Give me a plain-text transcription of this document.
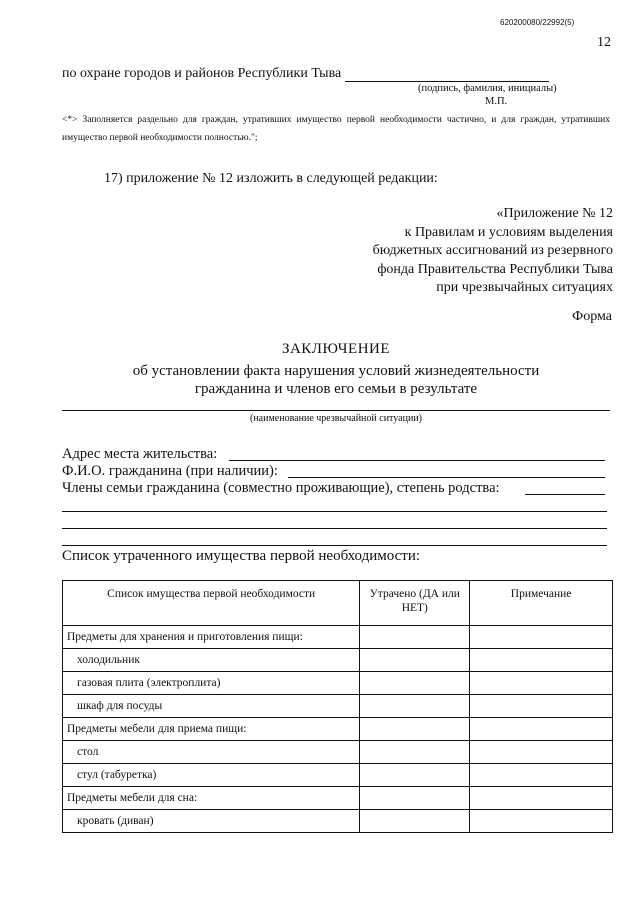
620200080/22992(5)
12
по охране городов и районов Республики Тыва
(подпись, фамилия, инициалы)
М.П.
<*> Заполняется раздельно для граждан, утративших имущество первой необходимости частично, и для граждан, утративших имущество первой необходимости полностью.";
17) приложение № 12 изложить в следующей редакции:
«Приложение № 12
к Правилам и условиям выделения
бюджетных ассигнований из резервного
фонда Правительства Республики Тыва
при чрезвычайных ситуациях
Форма
ЗАКЛЮЧЕНИЕ
об установлении факта нарушения условий жизнедеятельности
гражданина и членов его семьи в результате
(наименование чрезвычайной ситуации)
Адрес места жительства:
Ф.И.О. гражданина (при наличии):
Члены семьи гражданина (совместно проживающие), степень родства:
Список утраченного имущества первой необходимости:
Список имущества первой необходимости	Утрачено (ДА или НЕТ)	Примечание
Предметы для хранения и приготовления пищи:		
холодильник		
газовая плита (электроплита)		
шкаф для посуды		
Предметы мебели для приема пищи:		
стол		
стул (табуретка)		
Предметы мебели для сна:		
кровать (диван)		
